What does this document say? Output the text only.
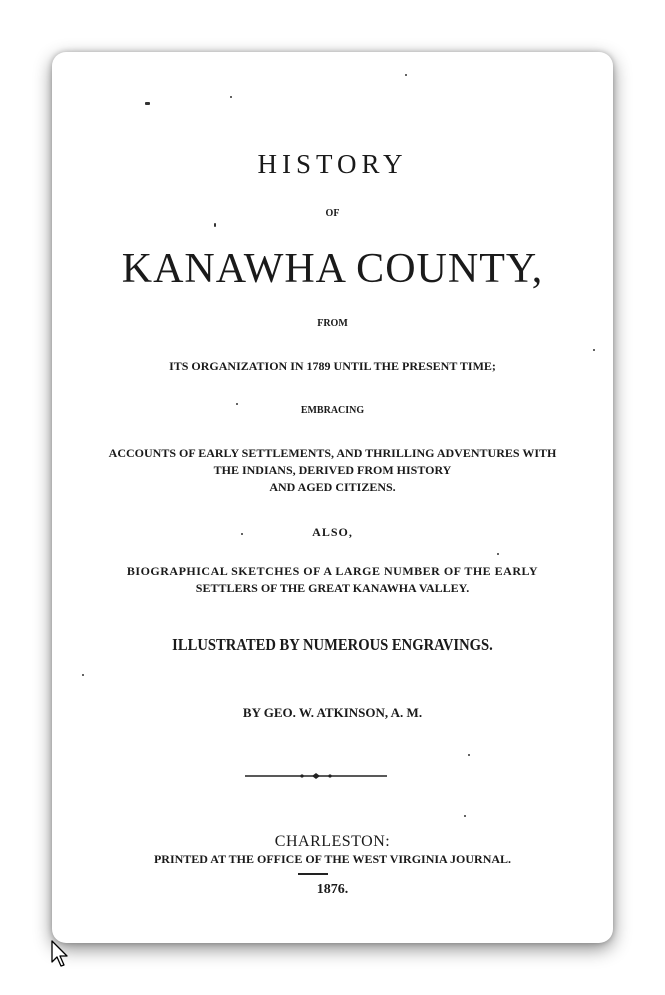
HISTORY
OF
KANAWHA COUNTY,
FROM
ITS ORGANIZATION IN 1789 UNTIL THE PRESENT TIME;
EMBRACING
ACCOUNTS OF EARLY SETTLEMENTS, AND THRILLING ADVENTURES WITH
THE INDIANS, DERIVED FROM HISTORY
AND AGED CITIZENS.
ALSO,
BIOGRAPHICAL SKETCHES OF A LARGE NUMBER OF THE EARLY
SETTLERS OF THE GREAT KANAWHA VALLEY.
ILLUSTRATED BY NUMEROUS ENGRAVINGS.
BY GEO. W. ATKINSON, A. M.
CHARLESTON:
PRINTED AT THE OFFICE OF THE WEST VIRGINIA JOURNAL.
1876.
